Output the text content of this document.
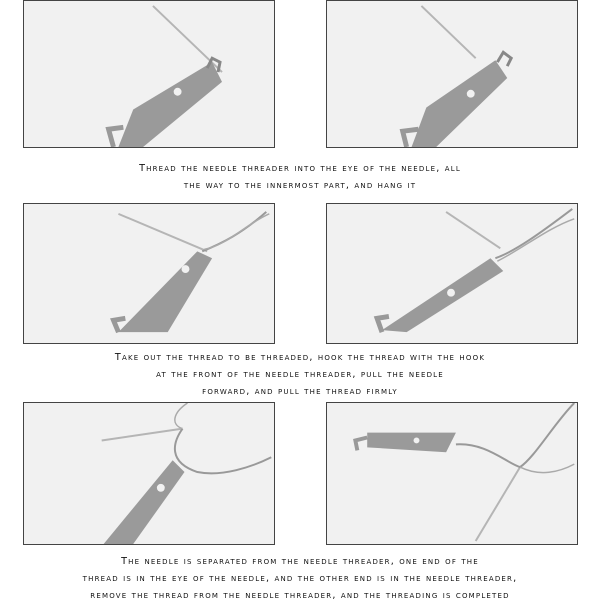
Thread the needle threader into the eye of the needle, all
the way to the innermost part, and hang it
Take out the thread to be threaded, hook the thread with the hook
at the front of the needle threader, pull the needle
forward, and pull the thread firmly
The needle is separated from the needle threader, one end of the
thread is in the eye of the needle, and the other end is in the needle threader,
remove the thread from the needle threader, and the threading is completed
